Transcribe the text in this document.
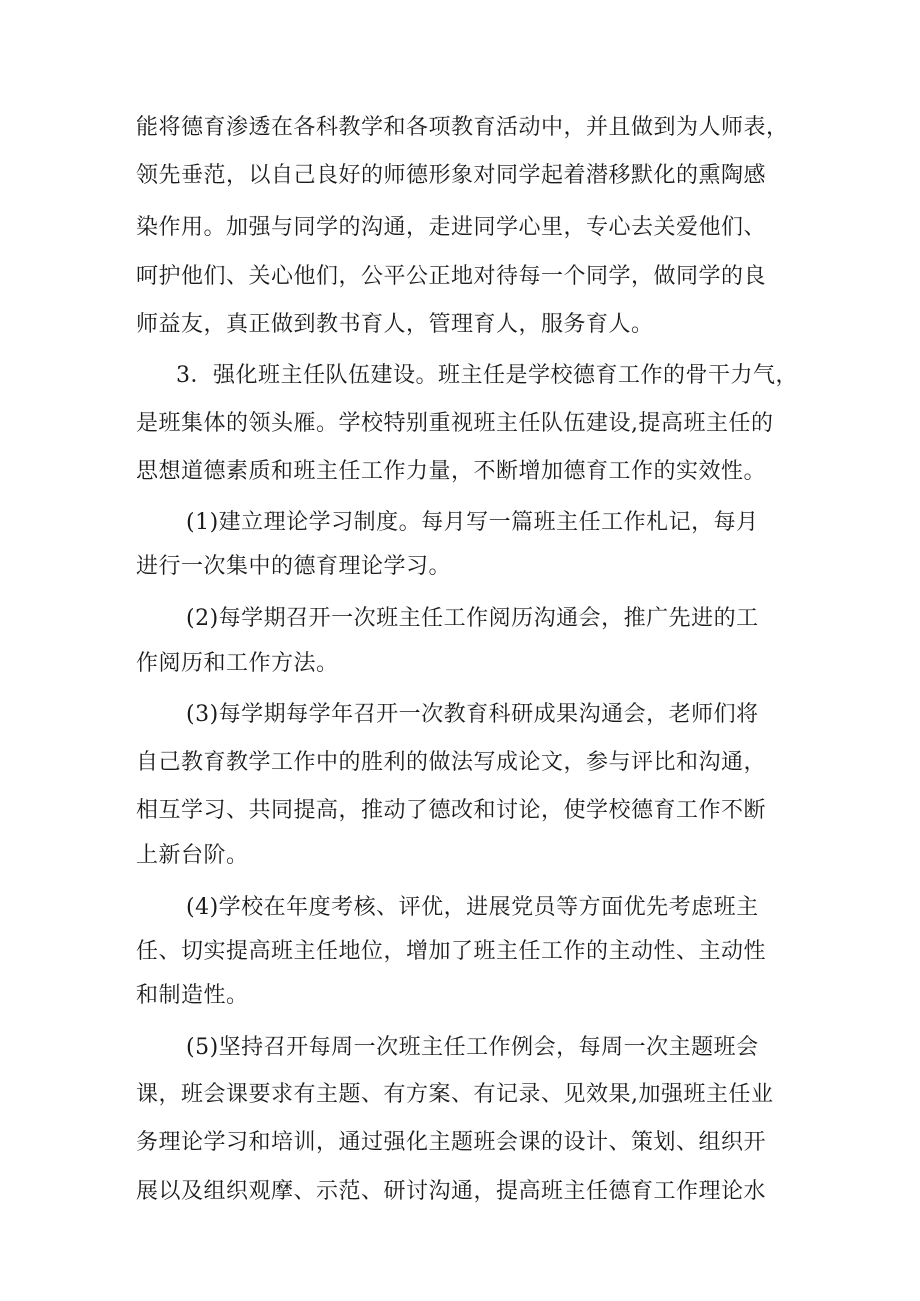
能将德育渗透在各科教学和各项教育活动中，并且做到为人师表，
领先垂范，以自己良好的师德形象对同学起着潜移默化的熏陶感
染作用。加强与同学的沟通，走进同学心里，专心去关爱他们、
呵护他们、关心他们，公平公正地对待每一个同学，做同学的良
师益友，真正做到教书育人，管理育人，服务育人。
3．强化班主任队伍建设。班主任是学校德育工作的骨干力气，
是班集体的领头雁。学校特别重视班主任队伍建设,提高班主任的
思想道德素质和班主任工作力量，不断增加德育工作的实效性。
(1)建立理论学习制度。每月写一篇班主任工作札记，每月
进行一次集中的德育理论学习。
(2)每学期召开一次班主任工作阅历沟通会，推广先进的工
作阅历和工作方法。
(3)每学期每学年召开一次教育科研成果沟通会，老师们将
自己教育教学工作中的胜利的做法写成论文，参与评比和沟通，
相互学习、共同提高，推动了德改和讨论，使学校德育工作不断
上新台阶。
(4)学校在年度考核、评优，进展党员等方面优先考虑班主
任、切实提高班主任地位，增加了班主任工作的主动性、主动性
和制造性。
(5)坚持召开每周一次班主任工作例会，每周一次主题班会
课，班会课要求有主题、有方案、有记录、见效果,加强班主任业
务理论学习和培训，通过强化主题班会课的设计、策划、组织开
展以及组织观摩、示范、研讨沟通，提高班主任德育工作理论水
